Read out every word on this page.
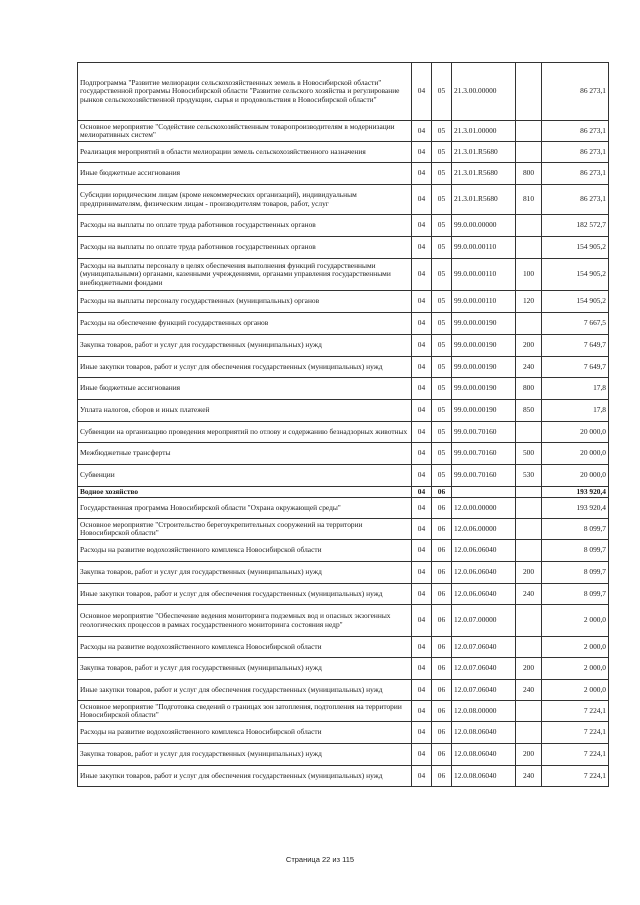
Подпрограмма "Развитие мелиорации сельскохозяйственных земель в Новосибирской области" государственной программы Новосибирской области "Развитие сельского хозяйства и регулирование рынков сельскохозяйственной продукции, сырья и продовольствия в Новосибирской области"	04	05	21.3.00.00000		86 273,1
Основное мероприятие "Содействие сельскохозяйственным товаропроизводителям в модернизации мелиоративных систем"	04	05	21.3.01.00000		86 273,1
Реализация мероприятий в области мелиорации земель сельскохозяйственного назначения	04	05	21.3.01.R5680		86 273,1
Иные бюджетные ассигнования	04	05	21.3.01.R5680	800	86 273,1
Субсидии юридическим лицам (кроме некоммерческих организаций), индивидуальным предпринимателям, физическим лицам - производителям товаров, работ, услуг	04	05	21.3.01.R5680	810	86 273,1
Расходы на выплаты по оплате труда работников государственных органов	04	05	99.0.00.00000		182 572,7
Расходы на выплаты по оплате труда работников государственных органов	04	05	99.0.00.00110		154 905,2
Расходы на выплаты персоналу в целях обеспечения выполнения функций государственными (муниципальными) органами, казенными учреждениями, органами управления государственными внебюджетными фондами	04	05	99.0.00.00110	100	154 905,2
Расходы на выплаты персоналу государственных (муниципальных) органов	04	05	99.0.00.00110	120	154 905,2
Расходы на обеспечение функций государственных органов	04	05	99.0.00.00190		7 667,5
Закупка товаров, работ и услуг для государственных (муниципальных) нужд	04	05	99.0.00.00190	200	7 649,7
Иные закупки товаров, работ и услуг для обеспечения государственных (муниципальных) нужд	04	05	99.0.00.00190	240	7 649,7
Иные бюджетные ассигнования	04	05	99.0.00.00190	800	17,8
Уплата налогов, сборов и иных платежей	04	05	99.0.00.00190	850	17,8
Субвенции на организацию проведения мероприятий по отлову и содержанию безнадзорных животных	04	05	99.0.00.70160		20 000,0
Межбюджетные трансферты	04	05	99.0.00.70160	500	20 000,0
Субвенции	04	05	99.0.00.70160	530	20 000,0
Водное хозяйство	04	06			193 920,4
Государственная программа Новосибирской области "Охрана окружающей среды"	04	06	12.0.00.00000		193 920,4
Основное мероприятие "Строительство берегоукрепительных сооружений на территории Новосибирской области"	04	06	12.0.06.00000		8 099,7
Расходы на развитие водохозяйственного комплекса Новосибирской области	04	06	12.0.06.06040		8 099,7
Закупка товаров, работ и услуг для государственных (муниципальных) нужд	04	06	12.0.06.06040	200	8 099,7
Иные закупки товаров, работ и услуг для обеспечения государственных (муниципальных) нужд	04	06	12.0.06.06040	240	8 099,7
Основное мероприятие "Обеспечение ведения мониторинга подземных вод и опасных экзогенных геологических процессов в рамках государственного мониторинга состояния недр"	04	06	12.0.07.00000		2 000,0
Расходы на развитие водохозяйственного комплекса Новосибирской области	04	06	12.0.07.06040		2 000,0
Закупка товаров, работ и услуг для государственных (муниципальных) нужд	04	06	12.0.07.06040	200	2 000,0
Иные закупки товаров, работ и услуг для обеспечения государственных (муниципальных) нужд	04	06	12.0.07.06040	240	2 000,0
Основное мероприятие "Подготовка сведений о границах зон затопления, подтопления на территории Новосибирской области"	04	06	12.0.08.00000		7 224,1
Расходы на развитие водохозяйственного комплекса Новосибирской области	04	06	12.0.08.06040		7 224,1
Закупка товаров, работ и услуг для государственных (муниципальных) нужд	04	06	12.0.08.06040	200	7 224,1
Иные закупки товаров, работ и услуг для обеспечения государственных (муниципальных) нужд	04	06	12.0.08.06040	240	7 224,1
Страница 22 из 115
